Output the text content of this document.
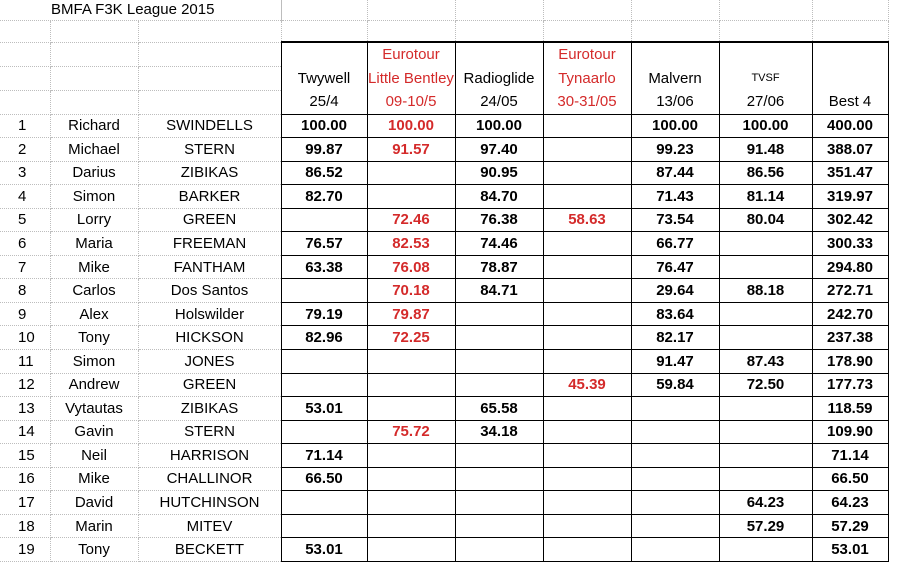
BMFA F3K League 2015									

				Eurotour		Eurotour			
			Twywell	Little Bentley	Radioglide	Tynaarlo	Malvern	TVSF	
			25/4	09-10/5	24/05	30-31/05	13/06	27/06	Best 4
1	Richard	SWINDELLS	100.00	100.00	100.00		100.00	100.00	400.00
2	Michael	STERN	99.87	91.57	97.40		99.23	91.48	388.07
3	Darius	ZIBIKAS	86.52		90.95		87.44	86.56	351.47
4	Simon	BARKER	82.70		84.70		71.43	81.14	319.97
5	Lorry	GREEN		72.46	76.38	58.63	73.54	80.04	302.42
6	Maria	FREEMAN	76.57	82.53	74.46		66.77		300.33
7	Mike	FANTHAM	63.38	76.08	78.87		76.47		294.80
8	Carlos	Dos Santos		70.18	84.71		29.64	88.18	272.71
9	Alex	Holswilder	79.19	79.87			83.64		242.70
10	Tony	HICKSON	82.96	72.25			82.17		237.38
11	Simon	JONES					91.47	87.43	178.90
12	Andrew	GREEN				45.39	59.84	72.50	177.73
13	Vytautas	ZIBIKAS	53.01		65.58				118.59
14	Gavin	STERN		75.72	34.18				109.90
15	Neil	HARRISON	71.14						71.14
16	Mike	CHALLINOR	66.50						66.50
17	David	HUTCHINSON						64.23	64.23
18	Marin	MITEV						57.29	57.29
19	Tony	BECKETT	53.01						53.01
